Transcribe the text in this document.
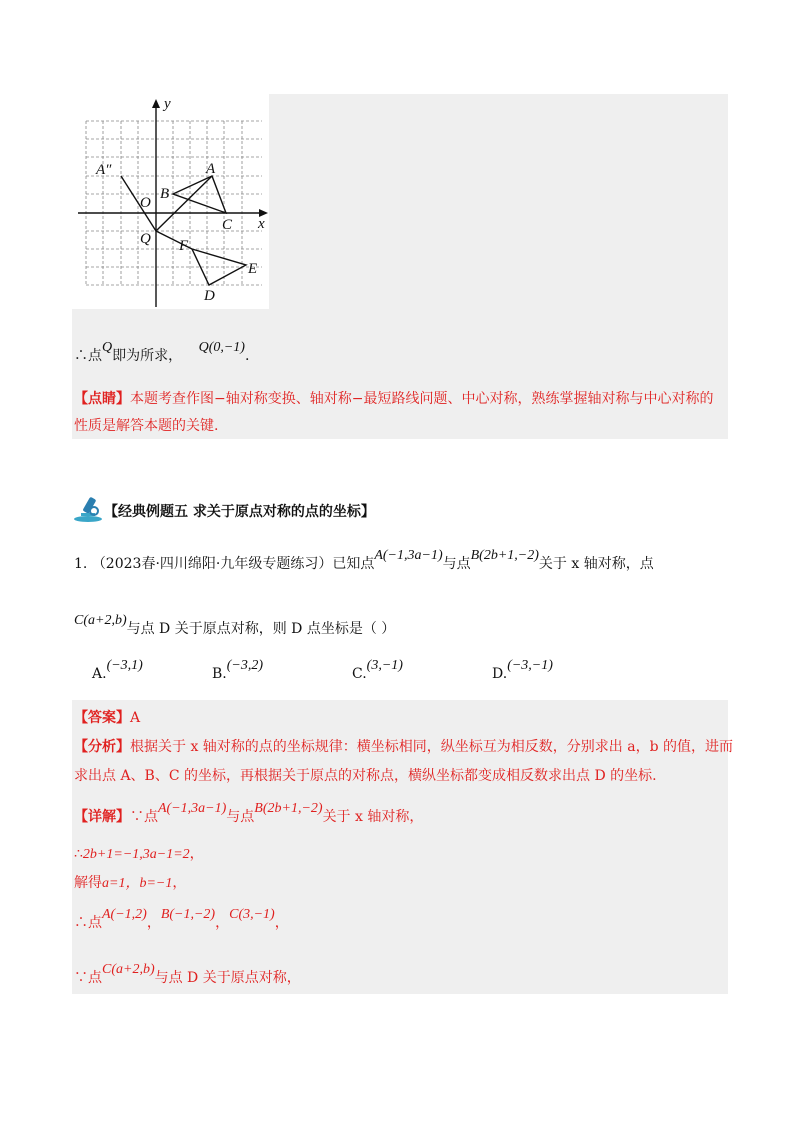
y
x
A″	A
B
O
C
Q F
E
D
∴点Q即为所求， Q(0,−1).
【点睛】本题考查作图−轴对称变换、轴对称−最短路线问题、中心对称，熟练掌握轴对称与中心对称的
性质是解答本题的关键.
【经典例题五 求关于原点对称的点的坐标】
1. （2023春·四川绵阳·九年级专题练习）已知点A(−1,3a−1)与点B(2b+1,−2)关于 x 轴对称，点
C(a+2,b)与点 D 关于原点对称，则 D 点坐标是（ ）
A.(−3,1)
B.(−3,2)
C.(3,−1)
D.(−3,−1)
【答案】A
【分析】根据关于 x 轴对称的点的坐标规律：横坐标相同，纵坐标互为相反数，分别求出 a，b 的值，进而
求出点 A、B、C 的坐标，再根据关于原点的对称点，横纵坐标都变成相反数求出点 D 的坐标.
【详解】∵点A(−1,3a−1)与点B(2b+1,−2)关于 x 轴对称，
∴2b+1=−1,3a−1=2，
解得a=1，b=−1，
∴点A(−1,2)，B(−1,−2)，C(3,−1)，
∵点C(a+2,b)与点 D 关于原点对称，
